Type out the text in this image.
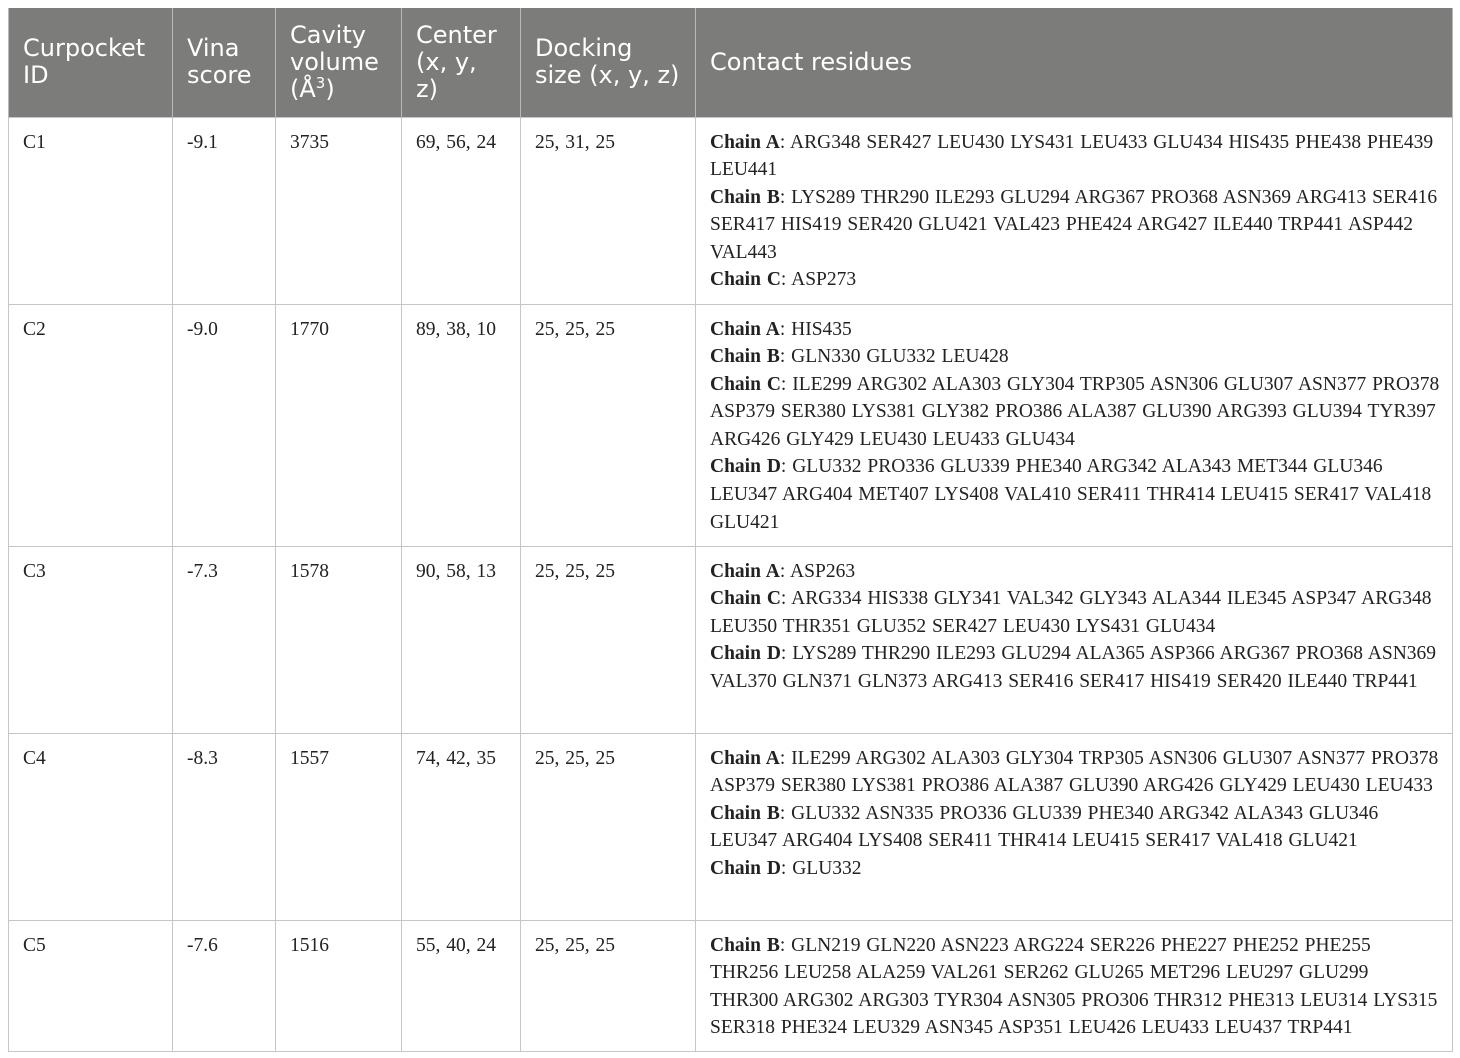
Curpocket ID	Vina score	Cavity volume $(Å^3)$	Center (x, y, z)	Docking size (x, y, z)	Contact residues
C1	-9.1	3735	69, 56, 24	25, 31, 25	Chain A: ARG348 SER427 LEU430 LYS431 LEU433 GLU434 HIS435 PHE438 PHE439 LEU441
Chain B: LYS289 THR290 ILE293 GLU294 ARG367 PRO368 ASN369 ARG413 SER416 SER417 HIS419 SER420 GLU421 VAL423 PHE424 ARG427 ILE440 TRP441 ASP442 VAL443
Chain C: ASP273

C2	-9.0	1770	89, 38, 10	25, 25, 25	Chain A: HIS435
Chain B: GLN330 GLU332 LEU428
Chain C: ILE299 ARG302 ALA303 GLY304 TRP305 ASN306 GLU307 ASN377 PRO378 ASP379 SER380 LYS381 GLY382 PRO386 ALA387 GLU390 ARG393 GLU394 TYR397 ARG426 GLY429 LEU430 LEU433 GLU434
Chain D: GLU332 PRO336 GLU339 PHE340 ARG342 ALA343 MET344 GLU346 LEU347 ARG404 MET407 LYS408 VAL410 SER411 THR414 LEU415 SER417 VAL418 GLU421

C3	-7.3	1578	90, 58, 13	25, 25, 25	Chain A: ASP263
Chain C: ARG334 HIS338 GLY341 VAL342 GLY343 ALA344 ILE345 ASP347 ARG348 LEU350 THR351 GLU352 SER427 LEU430 LYS431 GLU434
Chain D: LYS289 THR290 ILE293 GLU294 ALA365 ASP366 ARG367 PRO368 ASN369 VAL370 GLN371 GLN373 ARG413 SER416 SER417 HIS419 SER420 ILE440 TRP441

C4	-8.3	1557	74, 42, 35	25, 25, 25	Chain A: ILE299 ARG302 ALA303 GLY304 TRP305 ASN306 GLU307 ASN377 PRO378 ASP379 SER380 LYS381 PRO386 ALA387 GLU390 ARG426 GLY429 LEU430 LEU433
Chain B: GLU332 ASN335 PRO336 GLU339 PHE340 ARG342 ALA343 GLU346 LEU347 ARG404 LYS408 SER411 THR414 LEU415 SER417 VAL418 GLU421
Chain D: GLU332

C5	-7.6	1516	55, 40, 24	25, 25, 25	Chain B: GLN219 GLN220 ASN223 ARG224 SER226 PHE227 PHE252 PHE255 THR256 LEU258 ALA259 VAL261 SER262 GLU265 MET296 LEU297 GLU299 THR300 ARG302 ARG303 TYR304 ASN305 PRO306 THR312 PHE313 LEU314 LYS315 SER318 PHE324 LEU329 ASN345 ASP351 LEU426 LEU433 LEU437 TRP441
